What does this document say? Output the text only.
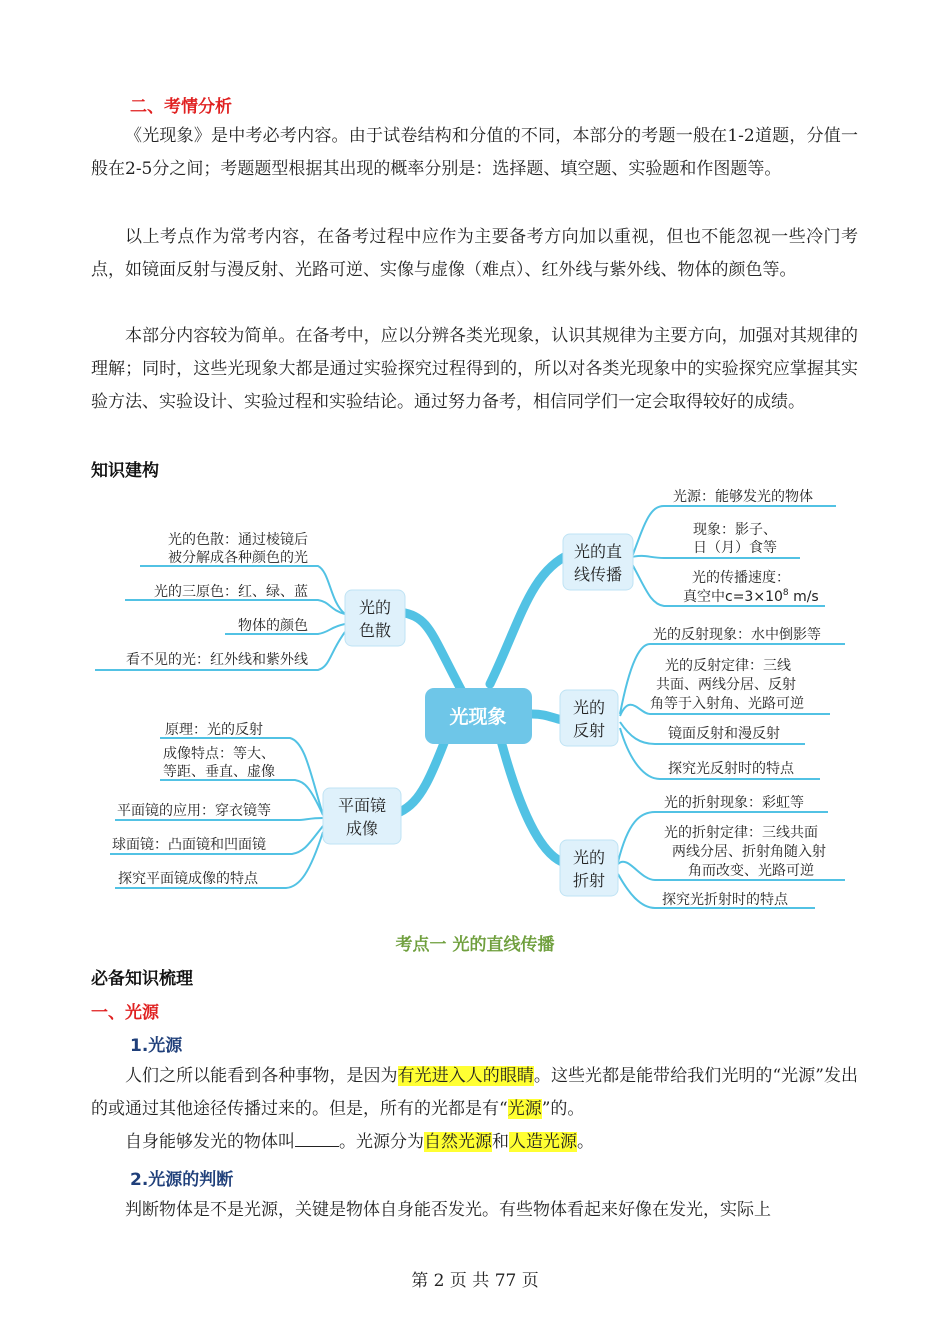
二、考情分析

《光现象》是中考必考内容。由于试卷结构和分值的不同，本部分的考题一般在1-2道题，分值一般在2-5分之间；考题题型根据其出现的概率分别是：选择题、填空题、实验题和作图题等。

以上考点作为常考内容，在备考过程中应作为主要备考方向加以重视，但也不能忽视一些冷门考点，如镜面反射与漫反射、光路可逆、实像与虚像（难点）、红外线与紫外线、物体的颜色等。

本部分内容较为简单。在备考中，应以分辨各类光现象，认识其规律为主要方向，加强对其规律的理解；同时，这些光现象大都是通过实验探究过程得到的，所以对各类光现象中的实验探究应掌握其实验方法、实验设计、实验过程和实验结论。通过努力备考，相信同学们一定会取得较好的成绩。

知识建构
光现象
光的
色散
平面镜
成像
光的直
线传播
光的
反射
光的
折射
光的色散：通过棱镜后
被分解成各种颜色的光
光的三原色：红、绿、蓝
物体的颜色
看不见的光：红外线和紫外线
原理：光的反射
成像特点：等大、
等距、垂直、虚像
平面镜的应用：穿衣镜等
球面镜：凸面镜和凹面镜
探究平面镜成像的特点
光源：能够发光的物体
现象：影子、
日（月）食等
光的传播速度：
真空中$c=3\times 10^8$ m/s
光的反射现象：水中倒影等
光的反射定律：三线
共面、两线分居、反射
角等于入射角、光路可逆
镜面反射和漫反射
探究光反射时的特点
光的折射现象：彩虹等
光的折射定律：三线共面
两线分居、折射角随入射
角而改变、光路可逆
探究光折射时的特点
考点一 光的直线传播
必备知识梳理
一、光源
1.光源

人们之所以能看到各种事物，是因为有光进入人的眼睛。这些光都是能带给我们光明的“光源”发出的或通过其他途径传播过来的。但是，所有的光都是有“光源”的。

自身能够发光的物体叫	。光源分为自然光源和人造光源。

2.光源的判断

判断物体是不是光源，关键是物体自身能否发光。有些物体看起来好像在发光，实际上

第 2 页 共 77 页
